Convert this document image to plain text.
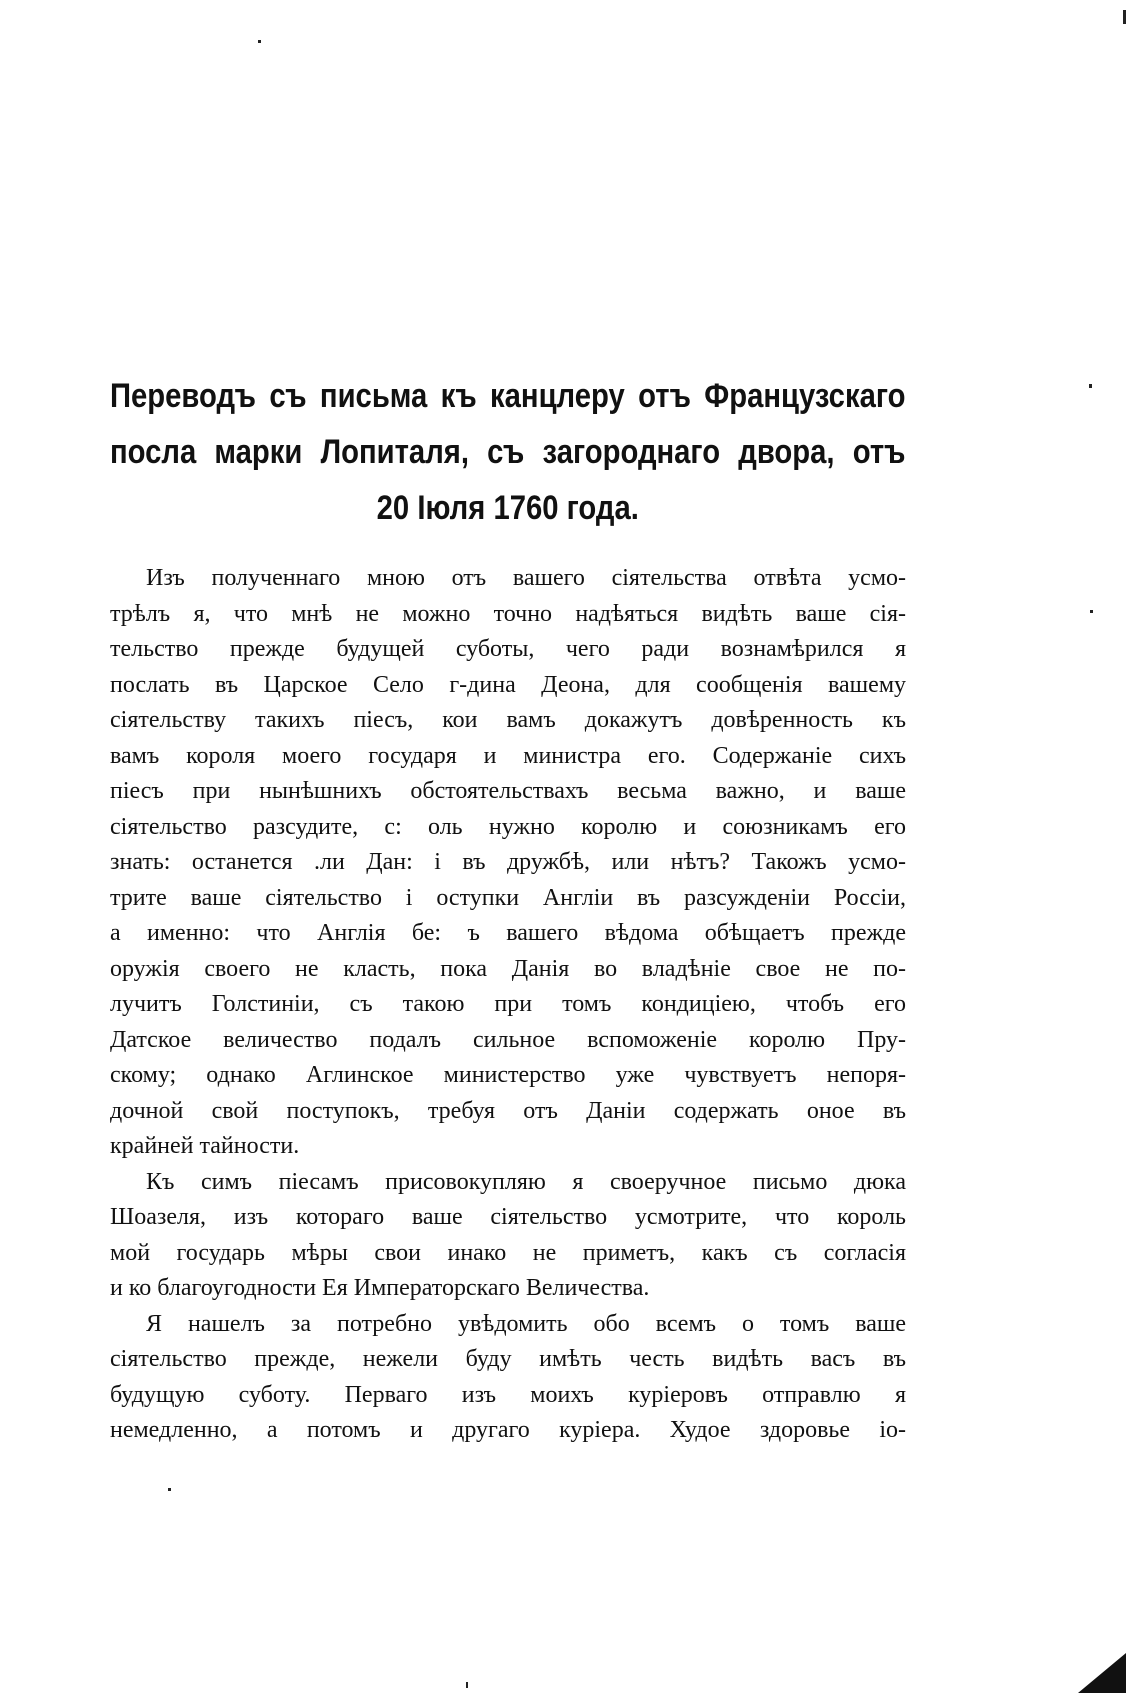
Переводъ съ письма къ канцлеру отъ Французскаго
посла марки Лопиталя, съ загороднаго двора, отъ
20 Іюля 1760 года.

Изъ полученнаго мною отъ вашего сіятельства отвѣта усмо-
трѣлъ я, что мнѣ не можно точно надѣяться видѣть ваше сія-
тельство прежде будущей суботы, чего ради вознамѣрился я
послать въ Царское Село г-дина Деона, для сообщенія вашему
сіятельству такихъ піесъ, кои вамъ докажутъ довѣренность къ
вамъ короля моего государя и министра его. Содержаніе сихъ
піесъ при нынѣшнихъ обстоятельствахъ весьма важно, и ваше
сіятельство разсудите, с: оль нужно королю и союзникамъ его
знать: останется .ли Дан: і въ дружбѣ, или нѣтъ? Такожъ усмо-
трите ваше сіятельство і оступки Англіи въ разсужденіи Россіи,
а именно: что Англія бе: ъ вашего вѣдома обѣщаетъ прежде
оружія своего не класть, пока Данія во владѣніе свое не по-
лучитъ Голстиніи, съ такою при томъ кондиціею, чтобъ его
Датское величество подалъ сильное вспоможеніе королю Пру-
скому; однако Аглинское министерство уже чувствуетъ непоря-
дочной свой поступокъ, требуя отъ Даніи содержать оное въ
крайней тайности.

Къ симъ піесамъ присовокупляю я своеручное письмо дюка
Шоазеля, изъ котораго ваше сіятельство усмотрите, что король
мой государь мѣры свои инако не приметъ, какъ съ согласія
и ко благоугодности Ея Императорскаго Величества.

Я нашелъ за потребно увѣдомить обо всемъ о томъ ваше
сіятельство прежде, нежели буду имѣть честь видѣть васъ въ
будущую суботу. Перваго изъ моихъ куріеровъ отправлю я
немедленно, а потомъ и другаго куріера. Худое здоровье іо-
